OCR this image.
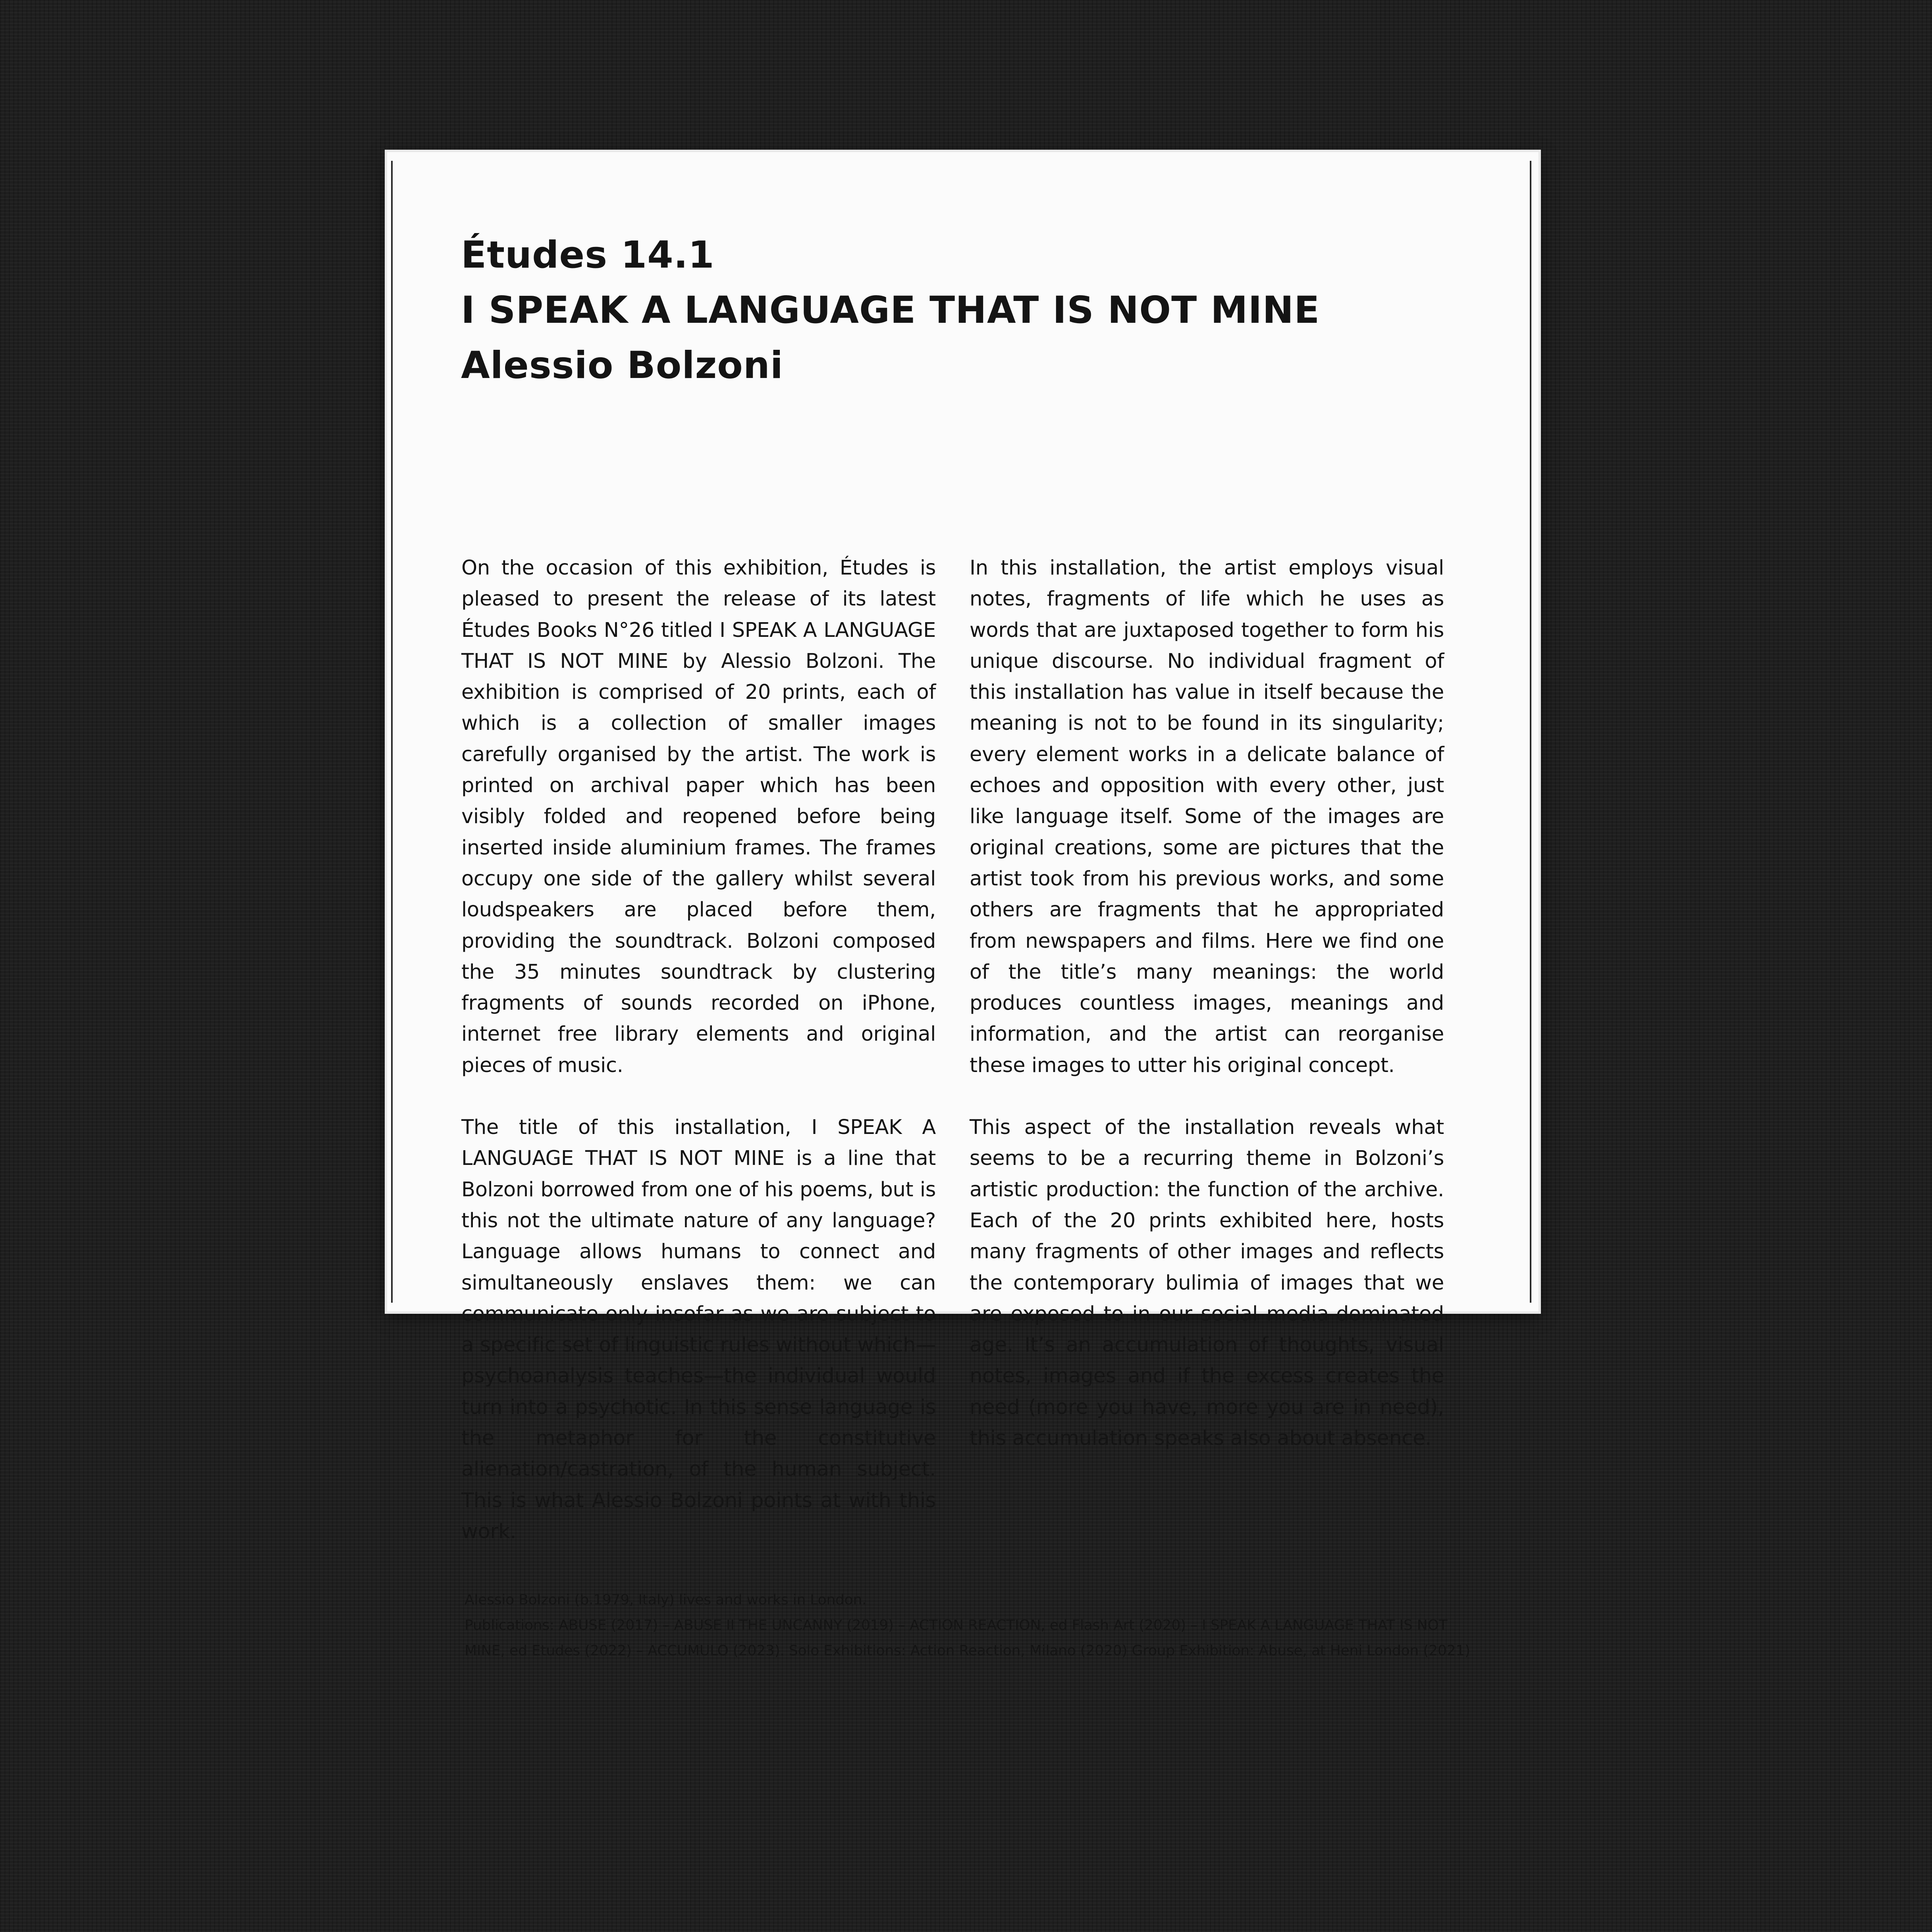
Études 14.1
I SPEAK A LANGUAGE THAT IS NOT MINE
Alessio Bolzoni

On the occasion of this exhibition, Études is pleased to present the release of its latest Études Books N°26 titled I SPEAK A LANGUAGE THAT IS NOT MINE by Alessio Bolzoni. The exhibition is comprised of 20 prints, each of which is a collection of smaller images carefully organised by the artist. The work is printed on archival paper which has been visibly folded and reopened before being inserted inside aluminium frames. The frames occupy one side of the gallery whilst several loudspeakers are placed before them, providing the soundtrack. Bolzoni composed the 35 minutes soundtrack by clustering fragments of sounds recorded on iPhone, internet free library elements and original pieces of music.

The title of this installation, I SPEAK A LANGUAGE THAT IS NOT MINE is a line that Bolzoni borrowed from one of his poems, but is this not the ultimate nature of any language? Language allows humans to connect and simultaneously enslaves them: we can communicate only insofar as we are subject to a specific set of linguistic rules without which—psychoanalysis teaches—the individual would turn into a psychotic. In this sense language is the metaphor for the constitutive alienation/castration, of the human subject. This is what Alessio Bolzoni points at with this work.

In this installation, the artist employs visual notes, fragments of life which he uses as words that are juxtaposed together to form his unique discourse. No individual fragment of this installation has value in itself because the meaning is not to be found in its singularity; every element works in a delicate balance of echoes and opposition with every other, just like language itself. Some of the images are original creations, some are pictures that the artist took from his previous works, and some others are fragments that he appropriated from newspapers and films. Here we find one of the title’s many meanings: the world produces countless images, meanings and information, and the artist can reorganise these images to utter his original concept.

This aspect of the installation reveals what seems to be a recurring theme in Bolzoni’s artistic production: the function of the archive. Each of the 20 prints exhibited here, hosts many fragments of other images and reflects the contemporary bulimia of images that we are exposed to in our social media-dominated age. It’s an accumulation of thoughts, visual notes, images and if the excess creates the need (more you have, more you are in need), this accumulation speaks also about absence.

Alessio Bolzoni (b.1979, Italy) lives and works in London.
Publications: ABUSE (2017) – ABUSE II THE UNCANNY (2019) – ACTION REACTION, ed Flash Art (2020) – I SPEAK A LANGUAGE THAT IS NOT MINE, ed Etudes (2022) – ACCUMULO (2023). Solo Exhibitions: Action Reaction, Milano (2020) Group Exhibition: Abuse, at Heni London (2021)
